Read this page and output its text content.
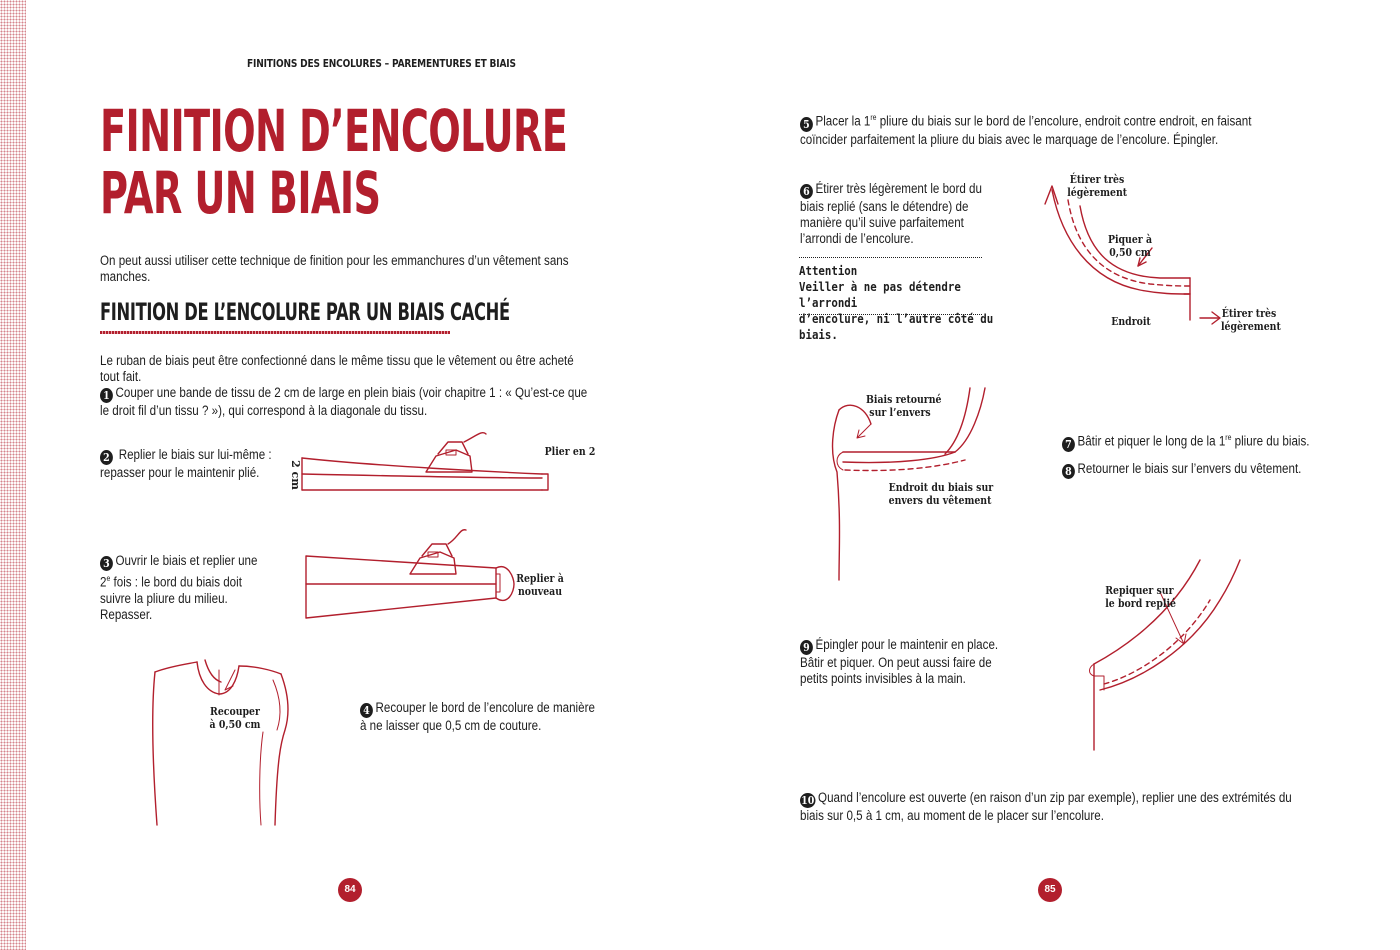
FINITIONS DES ENCOLURES – PAREMENTURES ET BIAIS
FINITION D’ENCOLURE
PAR UN BIAIS
On peut aussi utiliser cette technique de finition pour les emmanchures d’un vêtement sans manches.
FINITION DE L’ENCOLURE PAR UN BIAIS CACHÉ
Le ruban de biais peut être confectionné dans le même tissu que le vêtement ou être acheté tout fait.
1 Couper une bande de tissu de 2 cm de large en plein biais (voir chapitre 1 : « Qu’est-ce que le droit fil d’un tissu ? »), qui correspond à la diagonale du tissu.
2 Replier le biais sur lui-même : repasser pour le maintenir plié.	2 cm
Plier en 2
3 Ouvrir le biais et replier une 2e fois : le bord du biais doit suivre la pliure du milieu. Repasser.
Replier à
nouveau
Recouper
à 0,50 cm
4 Recouper le bord de l’encolure de manière à ne laisser que 0,5 cm de couture.
84
5 Placer la 1re pliure du biais sur le bord de l’encolure, endroit contre endroit, en faisant coïncider parfaitement la pliure du biais avec le marquage de l’encolure. Épingler.
6 Étirer très légèrement le bord du biais replié (sans le détendre) de manière qu’il suive parfaitement l’arrondi de l’encolure.
Attention
Veiller à ne pas détendre l’arrondi
d’encolure, ni l’autre côté du biais.
Étirer très
légèrement
Piquer à
0,50 cm
Endroit
Étirer très
légèrement
Biais retourné
sur l’envers
Endroit du biais sur
envers du vêtement
7 Bâtir et piquer le long de la 1re pliure du biais.
8 Retourner le biais sur l’envers du vêtement.
9 Épingler pour le maintenir en place. Bâtir et piquer. On peut aussi faire de petits points invisibles à la main.
Repiquer sur
le bord replié
10 Quand l’encolure est ouverte (en raison d’un zip par exemple), replier une des extrémités du biais sur 0,5 à 1 cm, au moment de le placer sur l’encolure.
85
